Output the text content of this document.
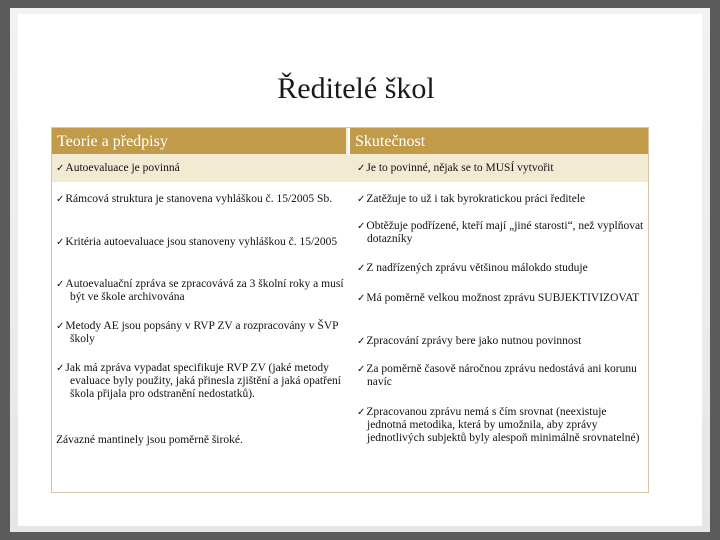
Ředitelé škol
Teorie a předpisy	Skutečnost
✓Autoevaluace je povinná
✓Rámcová struktura je stanovena vyhláškou č. 15/2005 Sb.
✓Kritéria autoevaluace jsou stanoveny vyhláškou č. 15/2005
✓Autoevaluační zpráva se zpracovává za 3 školní roky a musí být ve škole archivována
✓Metody AE jsou popsány v RVP ZV a rozpracovány v ŠVP školy
✓Jak má zpráva vypadat specifikuje RVP ZV (jaké metody evaluace byly použity, jaká přinesla zjištění a jaká opatření škola přijala pro odstranění nedostatků).
Závazné mantinely jsou poměrně široké.
✓Je to povinné, nějak se to MUSÍ vytvořit
✓Zatěžuje to už i tak byrokratickou práci ředitele
✓Obtěžuje podřízené, kteří mají „jiné starosti“, než vyplňovat dotazníky
✓Z nadřízených zprávu většinou málokdo studuje
✓Má poměrně velkou možnost zprávu SUBJEKTIVIZOVAT
✓Zpracování zprávy bere jako nutnou povinnost
✓Za poměrně časově náročnou zprávu nedostává ani korunu navíc
✓Zpracovanou zprávu nemá s čím srovnat (neexistuje jednotná metodika, která by umožnila, aby zprávy jednotlivých subjektů byly alespoň minimálně srovnatelné)
